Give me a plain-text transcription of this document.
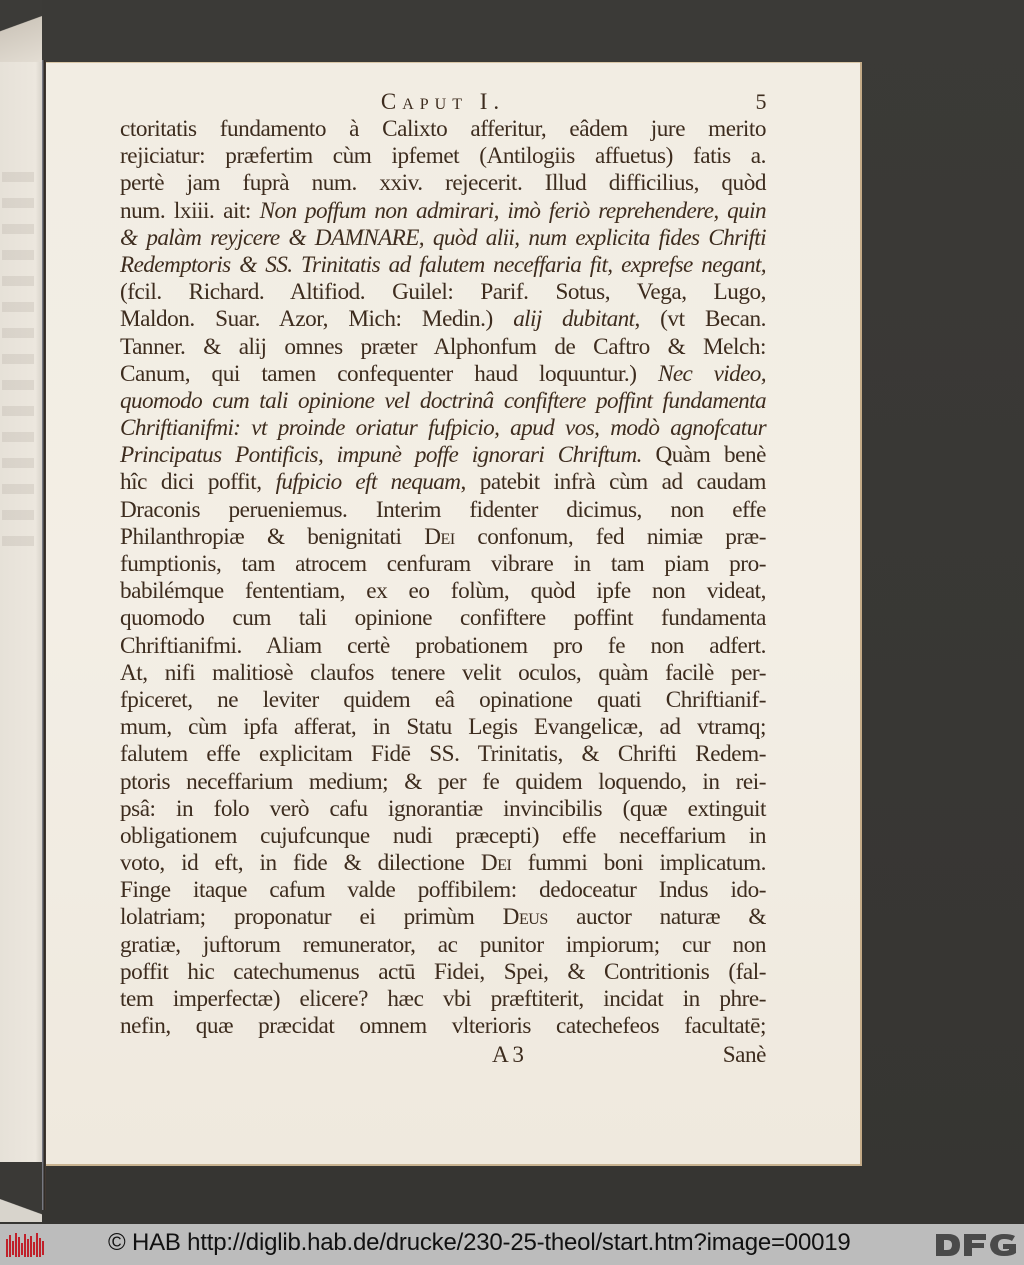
Caput I.	5
ctoritatis fundamento à Calixto afferitur, eâdem jure merito
rejiciatur: præfertim cùm ipfemet (Antilogiis affuetus) fatis a.
pertè jam fuprà num. xxiv. rejecerit. Illud difficilius, quòd
num. lxiii. ait: Non poffum non admirari, imò feriò reprehendere, quin
& palàm reyjcere & DAMNARE, quòd alii, num explicita fides Chrifti
Redemptoris & SS. Trinitatis ad falutem neceffaria fit, exprefse negant,
(fcil. Richard. Altifiod. Guilel: Parif. Sotus, Vega, Lugo,
Maldon. Suar. Azor, Mich: Medin.) alij dubitant, (vt Becan.
Tanner. & alij omnes præter Alphonfum de Caftro & Melch:
Canum, qui tamen confequenter haud loquuntur.) Nec video,
quomodo cum tali opinione vel doctrinâ confiftere poffint fundamenta
Chriftianifmi: vt proinde oriatur fufpicio, apud vos, modò agnofcatur
Principatus Pontificis, impunè poffe ignorari Chriftum. Quàm benè
hîc dici poffit, fufpicio eft nequam, patebit infrà cùm ad caudam
Draconis perueniemus. Interim fidenter dicimus, non effe
Philanthropiæ & benignitati Dei confonum, fed nimiæ præ-
fumptionis, tam atrocem cenfuram vibrare in tam piam pro-
babilémque fententiam, ex eo folùm, quòd ipfe non videat,
quomodo cum tali opinione confiftere poffint fundamenta
Chriftianifmi. Aliam certè probationem pro fe non adfert.
At, nifi malitiosè claufos tenere velit oculos, quàm facilè per-
fpiceret, ne leviter quidem eâ opinatione quati Chriftianif-
mum, cùm ipfa afferat, in Statu Legis Evangelicæ, ad vtramq;
falutem effe explicitam Fidē SS. Trinitatis, & Chrifti Redem-
ptoris neceffarium medium; & per fe quidem loquendo, in rei-
psâ: in folo verò cafu ignorantiæ invincibilis (quæ extinguit
obligationem cujufcunque nudi præcepti) effe neceffarium in
voto, id eft, in fide & dilectione Dei fummi boni implicatum.
Finge itaque cafum valde poffibilem: dedoceatur Indus ido-
lolatriam; proponatur ei primùm Deus auctor naturæ &
gratiæ, juftorum remunerator, ac punitor impiorum; cur non
poffit hic catechumenus actū Fidei, Spei, & Contritionis (fal-
tem imperfectæ) elicere? hæc vbi præftiterit, incidat in phre-
nefin, quæ præcidat omnem vlterioris catechefeos facultatē;
A 3	Sanè
© HAB http://diglib.hab.de/drucke/230-25-theol/start.htm?image=00019
